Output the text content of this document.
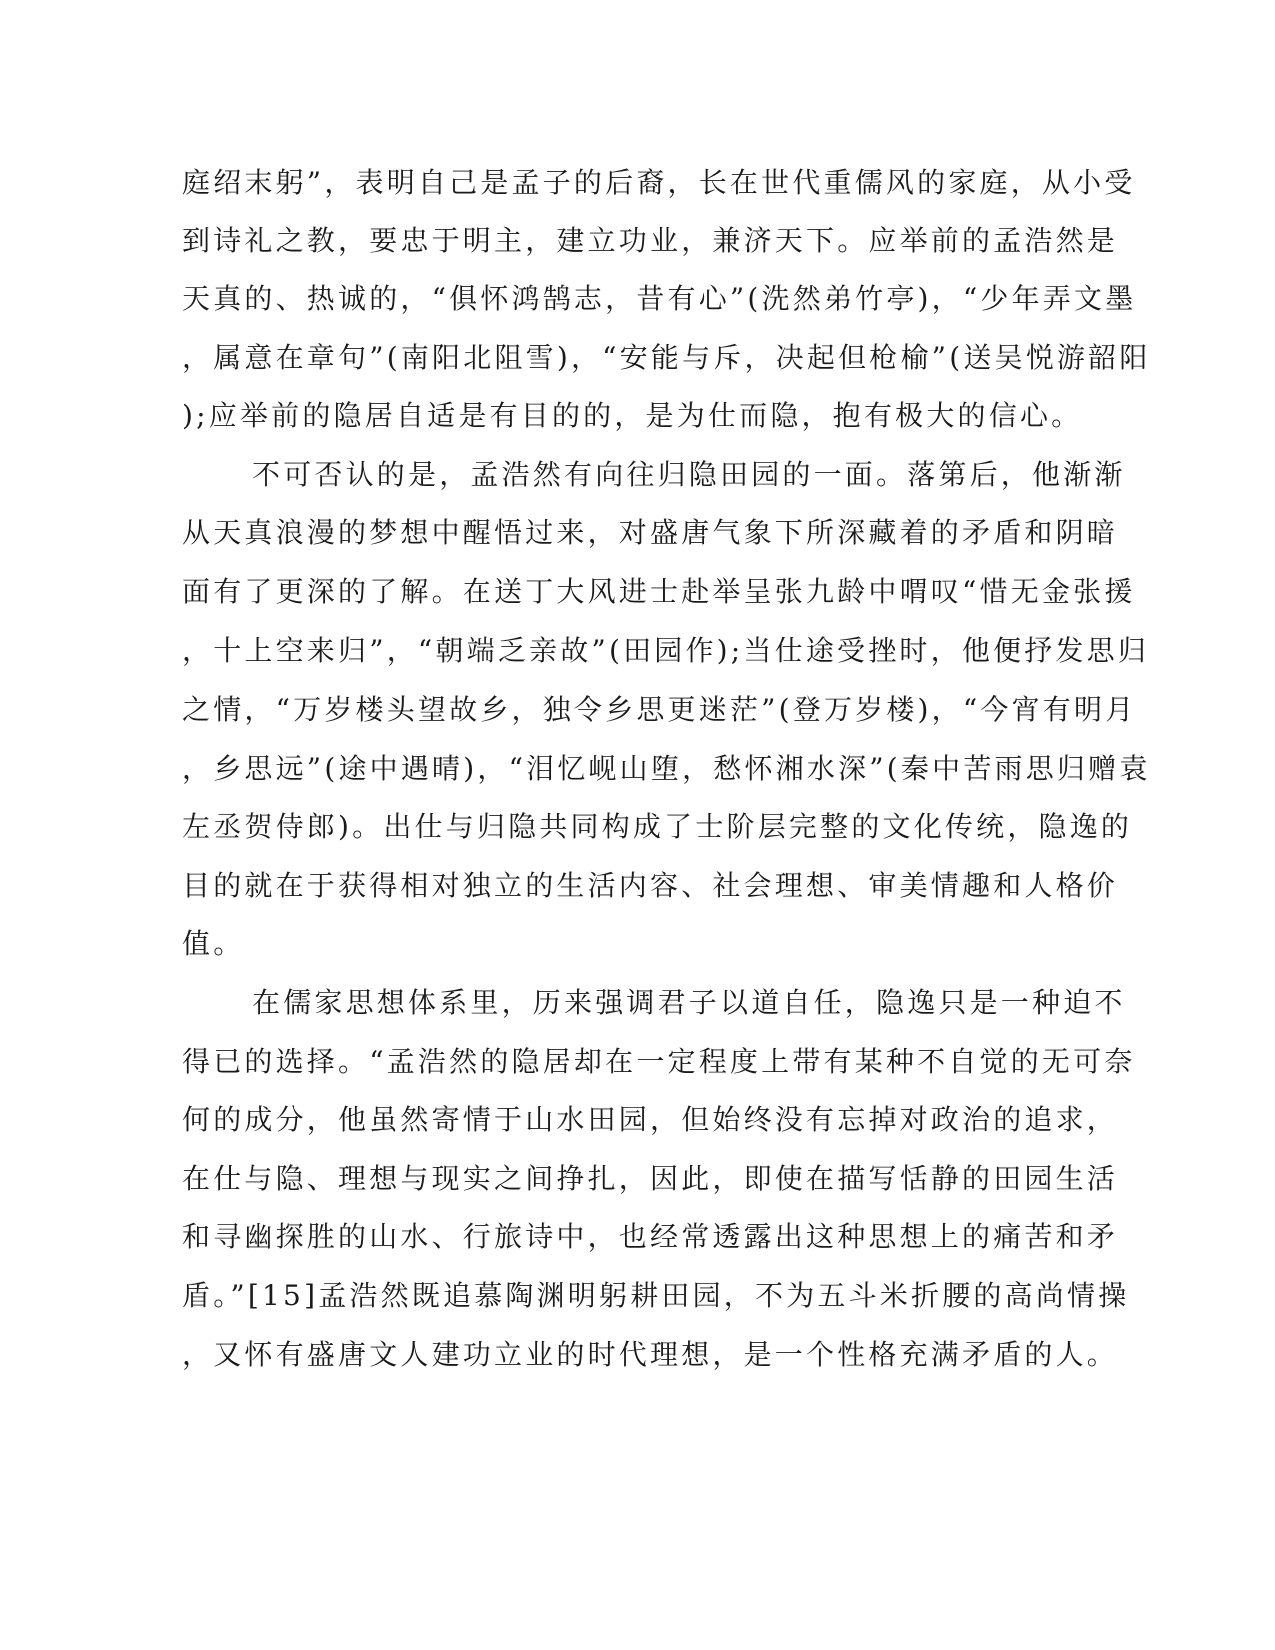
庭绍末躬”，表明自己是孟子的后裔，长在世代重儒风的家庭，从小受
到诗礼之教，要忠于明主，建立功业，兼济天下。应举前的孟浩然是
天真的、热诚的，“俱怀鸿鹄志，昔有心”(洗然弟竹亭)，“少年弄文墨
，属意在章句”(南阳北阻雪)，“安能与斥，决起但枪榆”(送吴悦游韶阳
);应举前的隐居自适是有目的的，是为仕而隐，抱有极大的信心。
不可否认的是，孟浩然有向往归隐田园的一面。落第后，他渐渐
从天真浪漫的梦想中醒悟过来，对盛唐气象下所深藏着的矛盾和阴暗
面有了更深的了解。在送丁大风进士赴举呈张九龄中喟叹“惜无金张援
，十上空来归”，“朝端乏亲故”(田园作);当仕途受挫时，他便抒发思归
之情，“万岁楼头望故乡，独令乡思更迷茫”(登万岁楼)，“今宵有明月
，乡思远”(途中遇晴)，“泪忆岘山堕，愁怀湘水深”(秦中苦雨思归赠袁
左丞贺侍郎)。出仕与归隐共同构成了士阶层完整的文化传统，隐逸的
目的就在于获得相对独立的生活内容、社会理想、审美情趣和人格价
值。
在儒家思想体系里，历来强调君子以道自任，隐逸只是一种迫不
得已的选择。“孟浩然的隐居却在一定程度上带有某种不自觉的无可奈
何的成分，他虽然寄情于山水田园，但始终没有忘掉对政治的追求，
在仕与隐、理想与现实之间挣扎，因此，即使在描写恬静的田园生活
和寻幽探胜的山水、行旅诗中，也经常透露出这种思想上的痛苦和矛
盾。”[15]孟浩然既追慕陶渊明躬耕田园，不为五斗米折腰的高尚情操
，又怀有盛唐文人建功立业的时代理想，是一个性格充满矛盾的人。
